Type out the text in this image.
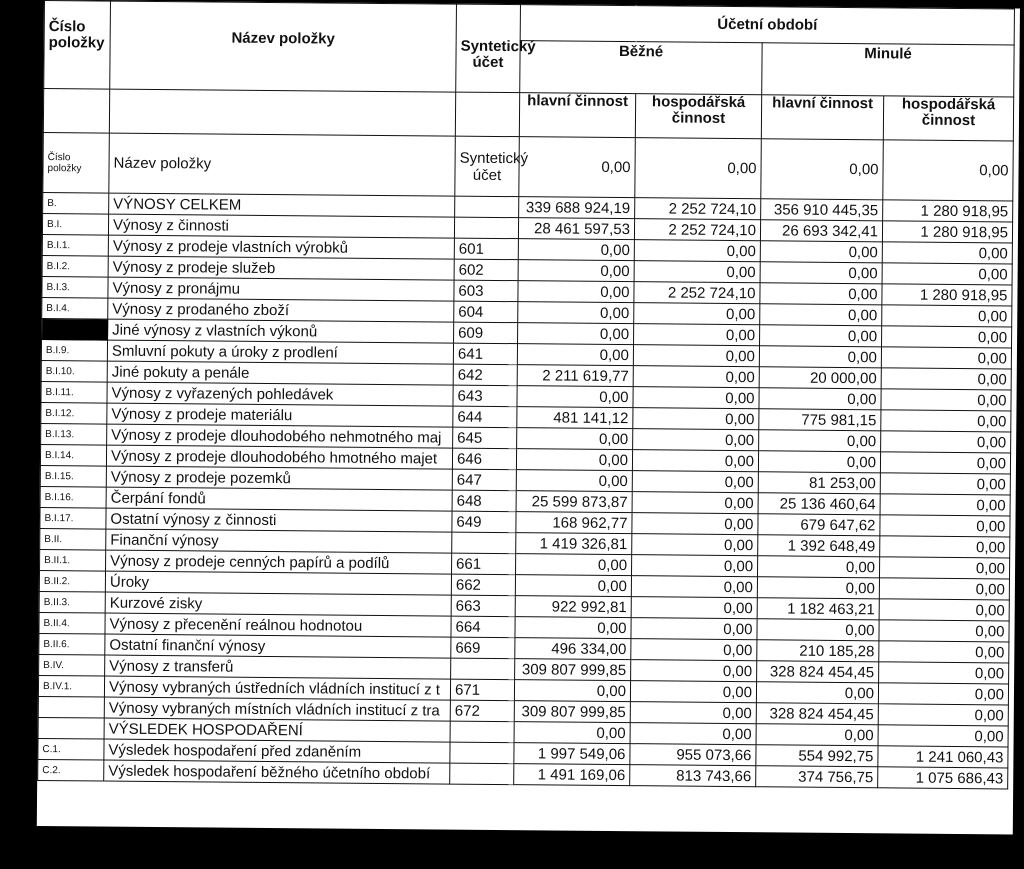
Číslo položky	Název položky	Syntetický účet	Účetní období			
			Běžné		Minulé	
			hlavní činnost	hospodářská činnost	hlavní činnost	hospodářská činnost
Číslo položky	Název položky	Syntetický účet	0,00	0,00	0,00	0,00
B.	VÝNOSY CELKEM		339 688 924,19	2 252 724,10	356 910 445,35	1 280 918,95
B.I.	Výnosy z činnosti		28 461 597,53	2 252 724,10	26 693 342,41	1 280 918,95
B.I.1.	Výnosy z prodeje vlastních výrobků	601	0,00	0,00	0,00	0,00
B.I.2.	Výnosy z prodeje služeb	602	0,00	0,00	0,00	0,00
B.I.3.	Výnosy z pronájmu	603	0,00	2 252 724,10	0,00	1 280 918,95
B.I.4.	Výnosy z prodaného zboží	604	0,00	0,00	0,00	0,00
	Jiné výnosy z vlastních výkonů	609	0,00	0,00	0,00	0,00
B.I.9.	Smluvní pokuty a úroky z prodlení	641	0,00	0,00	0,00	0,00
B.I.10.	Jiné pokuty a penále	642	2 211 619,77	0,00	20 000,00	0,00
B.I.11.	Výnosy z vyřazených pohledávek	643	0,00	0,00	0,00	0,00
B.I.12.	Výnosy z prodeje materiálu	644	481 141,12	0,00	775 981,15	0,00
B.I.13.	Výnosy z prodeje dlouhodobého nehmotného maj	645	0,00	0,00	0,00	0,00
B.I.14.	Výnosy z prodeje dlouhodobého hmotného majet	646	0,00	0,00	0,00	0,00
B.I.15.	Výnosy z prodeje pozemků	647	0,00	0,00	81 253,00	0,00
B.I.16.	Čerpání fondů	648	25 599 873,87	0,00	25 136 460,64	0,00
B.I.17.	Ostatní výnosy z činnosti	649	168 962,77	0,00	679 647,62	0,00
B.II.	Finanční výnosy		1 419 326,81	0,00	1 392 648,49	0,00
B.II.1.	Výnosy z prodeje cenných papírů a podílů	661	0,00	0,00	0,00	0,00
B.II.2.	Úroky	662	0,00	0,00	0,00	0,00
B.II.3.	Kurzové zisky	663	922 992,81	0,00	1 182 463,21	0,00
B.II.4.	Výnosy z přecenění reálnou hodnotou	664	0,00	0,00	0,00	0,00
B.II.6.	Ostatní finanční výnosy	669	496 334,00	0,00	210 185,28	0,00
B.IV.	Výnosy z transferů		309 807 999,85	0,00	328 824 454,45	0,00
B.IV.1.	Výnosy vybraných ústředních vládních institucí z t	671	0,00	0,00	0,00	0,00
	Výnosy vybraných místních vládních institucí z tra	672	309 807 999,85	0,00	328 824 454,45	0,00
	VÝSLEDEK HOSPODAŘENÍ		0,00	0,00	0,00	0,00
C.1.	Výsledek hospodaření před zdaněním		1 997 549,06	955 073,66	554 992,75	1 241 060,43
C.2.	Výsledek hospodaření běžného účetního období		1 491 169,06	813 743,66	374 756,75	1 075 686,43
